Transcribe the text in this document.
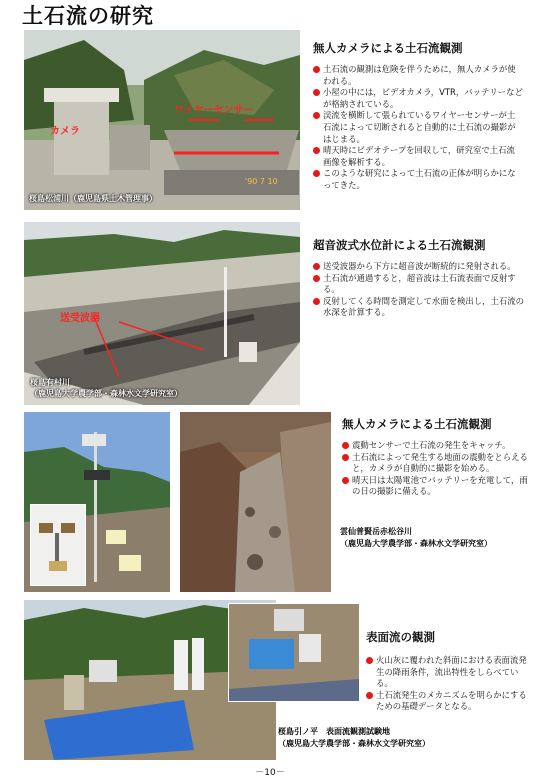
土石流の研究
カメラ
ワイヤーセンサー
'90 7 10
桜島松浦川（鹿児島県土木管理事）
無人カメラによる土石流観測
土石流の観測は危険を伴うために，無人カメラが使われる。
小屋の中には，ビデオカメラ，VTR，バッテリーなどが格納されている。
渓流を横断して張られているワイヤーセンサーが土石流によって切断されると自動的に土石流の撮影がはじまる。
晴天時にビデオテープを回収して，研究室で土石流画像を解析する。
このような研究によって土石流の正体が明らかになってきた。
送受波器
桜島有村川
（鹿児島大学農学部・森林水文学研究室）
超音波式水位計による土石流観測
送受波器から下方に超音波が断続的に発射される。
土石流が通過すると，超音波は土石流表面で反射する。
反射してくる時間を測定して水面を検出し，土石流の水深を計算する。
無人カメラによる土石流観測
震動センサーで土石流の発生をキャッチ。
土石流によって発生する地面の震動をとらえると，カメラが自動的に撮影を始める。
晴天日は太陽電池でバッテリーを充電して，雨の日の撮影に備える。
雲仙普賢岳赤松谷川
（鹿児島大学農学部・森林水文学研究室）
表面流の観測
火山灰に覆われた斜面における表面流発生の降雨条件，流出特性をしらべている。
土石流発生のメカニズムを明らかにするための基礎データとなる。
桜島引ノ平　表面流観測試験地
（鹿児島大学農学部・森林水文学研究室）
－10－
